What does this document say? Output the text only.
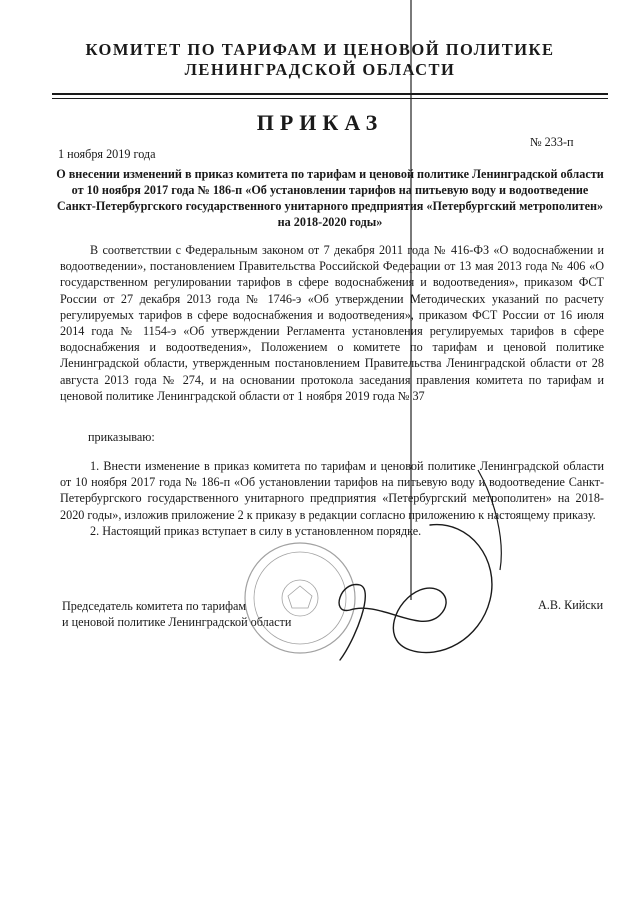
КОМИТЕТ ПО ТАРИФАМ И ЦЕНОВОЙ ПОЛИТИКЕ
ЛЕНИНГРАДСКОЙ ОБЛАСТИ
ПРИКАЗ
№ 233-п
1 ноября 2019 года
О внесении изменений в приказ комитета по тарифам и ценовой политике Ленинградской области от 10 ноября 2017 года № 186-п «Об установлении тарифов на питьевую воду и водоотведение Санкт-Петербургского государственного унитарного предприятия «Петербургский метрополитен» на 2018-2020 годы»

В соответствии с Федеральным законом от 7 декабря 2011 года № 416-ФЗ «О водоснабжении и водоотведении», постановлением Правительства Российской Федерации от 13 мая 2013 года № 406 «О государственном регулировании тарифов в сфере водоснабжения и водоотведения», приказом ФСТ России от 27 декабря 2013 года № 1746-э «Об утверждении Методических указаний по расчету регулируемых тарифов в сфере водоснабжения и водоотведения», приказом ФСТ России от 16 июля 2014 года № 1154-э «Об утверждении Регламента установления регулируемых тарифов в сфере водоснабжения и водоотведения», Положением о комитете по тарифам и ценовой политике Ленинградской области, утвержденным постановлением Правительства Ленинградской области от 28 августа 2013 года № 274, и на основании протокола заседания правления комитета по тарифам и ценовой политике Ленинградской области от 1 ноября 2019 года № 37

приказываю:

1. Внести изменение в приказ комитета по тарифам и ценовой политике Ленинградской области от 10 ноября 2017 года № 186-п «Об установлении тарифов на питьевую воду и водоотведение Санкт-Петербургского государственного унитарного предприятия «Петербургский метрополитен» на 2018-2020 годы», изложив приложение 2 к приказу в редакции согласно приложению к настоящему приказу.

2. Настоящий приказ вступает в силу в установленном порядке.

Председатель комитета по тарифам
и ценовой политике Ленинградской области
А.В. Кийски
